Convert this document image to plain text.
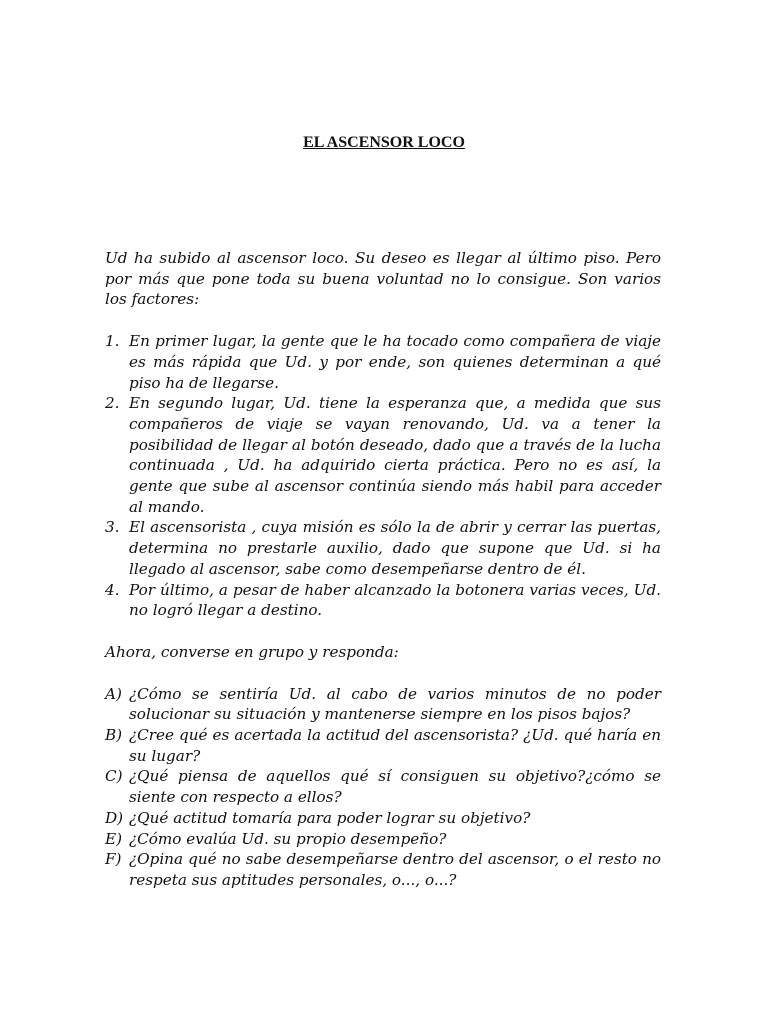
EL ASCENSOR LOCO

Ud ha subido al ascensor loco. Su deseo es llegar al último piso. Pero por más que pone toda su buena voluntad no lo consigue. Son varios los factores:

1. En primer lugar, la gente que le ha tocado como compañera de viaje es más rápida que Ud. y por ende, son quienes determinan a qué piso ha de llegarse.
2. En segundo lugar, Ud. tiene la esperanza que, a medida que sus compañeros de viaje se vayan renovando, Ud. va a tener la posibilidad de llegar al botón deseado, dado que a través de la lucha continuada , Ud. ha adquirido cierta práctica. Pero no es así, la gente que sube al ascensor continúa siendo más habil para acceder al mando.
3. El ascensorista , cuya misión es sólo la de abrir y cerrar las puertas, determina no prestarle auxilio, dado que supone que Ud. si ha llegado al ascensor, sabe como desempeñarse dentro de él.
4. Por último, a pesar de haber alcanzado la botonera varias veces, Ud. no logró llegar a destino.

Ahora, converse en grupo y responda:

A) ¿Cómo se sentiría Ud. al cabo de varios minutos de no poder solucionar su situación y mantenerse siempre en los pisos bajos?
B) ¿Cree qué es acertada la actitud del ascensorista? ¿Ud. qué haría en su lugar?
C) ¿Qué piensa de aquellos qué sí consiguen su objetivo?¿cómo se siente con respecto a ellos?
D) ¿Qué actitud tomaría para poder lograr su objetivo?
E) ¿Cómo evalúa Ud. su propio desempeño?
F) ¿Opina qué no sabe desempeñarse dentro del ascensor, o el resto no respeta sus aptitudes personales, o..., o...?
